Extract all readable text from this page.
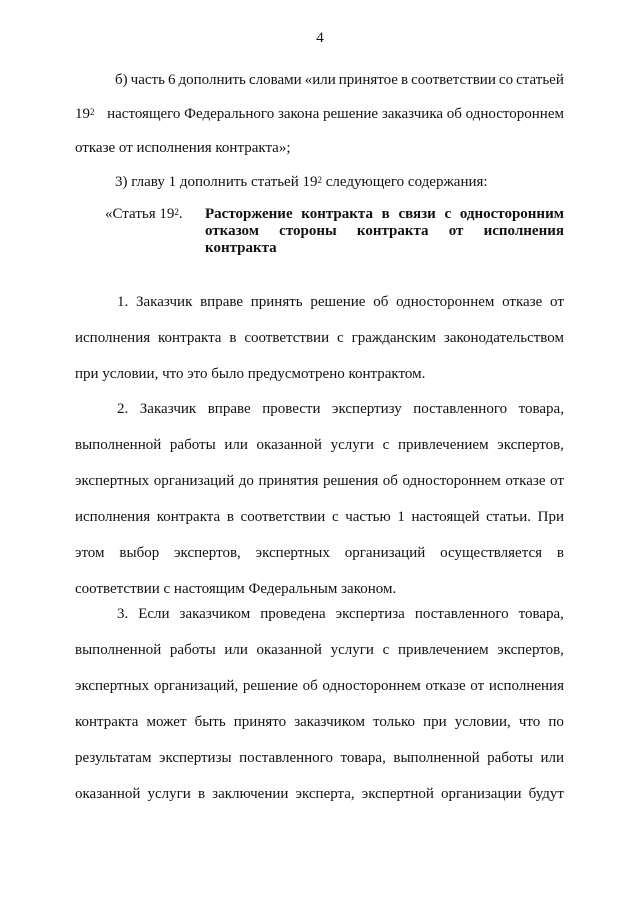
4
б) часть 6 дополнить словами «или принятое в соответствии со статьей
$19^2$ настоящего Федерального закона решение заказчика об одностороннем
отказе от исполнения контракта»;
3) главу 1 дополнить статьей $19^2$ следующего содержания:
«Статья $19^2$. Расторжение контракта в связи с односторонним
отказом стороны контракта от исполнения
контракта
1. Заказчик вправе принять решение об одностороннем отказе от
исполнения контракта в соответствии с гражданским законодательством
при условии, что это было предусмотрено контрактом.
2. Заказчик вправе провести экспертизу поставленного товара,
выполненной работы или оказанной услуги с привлечением экспертов,
экспертных организаций до принятия решения об одностороннем отказе от
исполнения контракта в соответствии с частью 1 настоящей статьи. При
этом выбор экспертов, экспертных организаций осуществляется в
соответствии с настоящим Федеральным законом.
3. Если заказчиком проведена экспертиза поставленного товара,
выполненной работы или оказанной услуги с привлечением экспертов,
экспертных организаций, решение об одностороннем отказе от исполнения
контракта может быть принято заказчиком только при условии, что по
результатам экспертизы поставленного товара, выполненной работы или
оказанной услуги в заключении эксперта, экспертной организации будут
